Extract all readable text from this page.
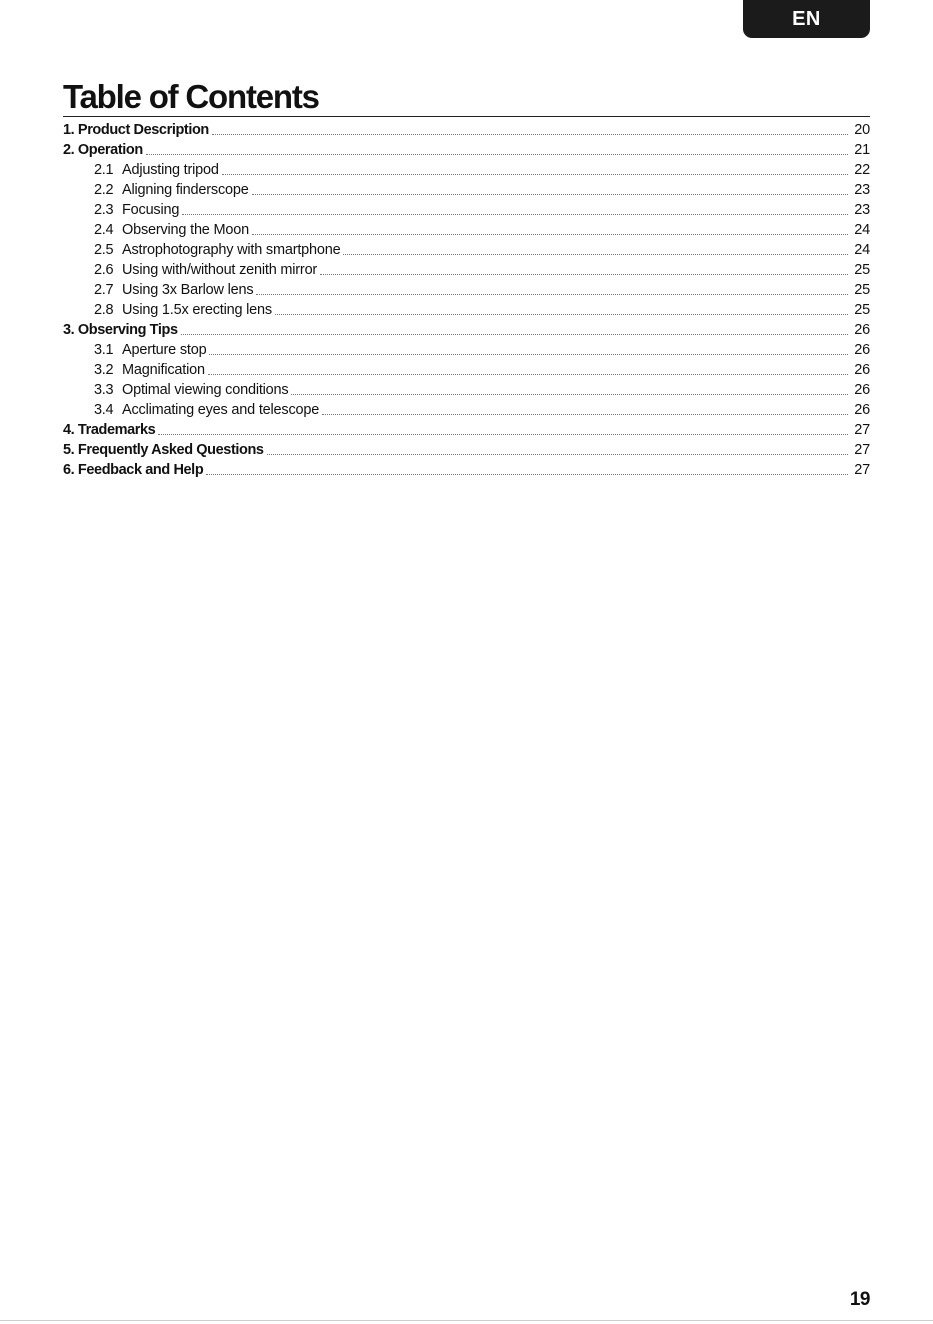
EN
Table of Contents
1. Product Description	20
2. Operation	21
2.1 Adjusting tripod	22
2.2 Aligning finderscope	23
2.3 Focusing	23
2.4 Observing the Moon	24
2.5 Astrophotography with smartphone	24
2.6 Using with/without zenith mirror	25
2.7 Using 3x Barlow lens	25
2.8 Using 1.5x erecting lens	25
3. Observing Tips	26
3.1 Aperture stop	26
3.2 Magnification	26
3.3 Optimal viewing conditions	26
3.4 Acclimating eyes and telescope	26
4. Trademarks	27
5. Frequently Asked Questions	27
6. Feedback and Help	27
19
